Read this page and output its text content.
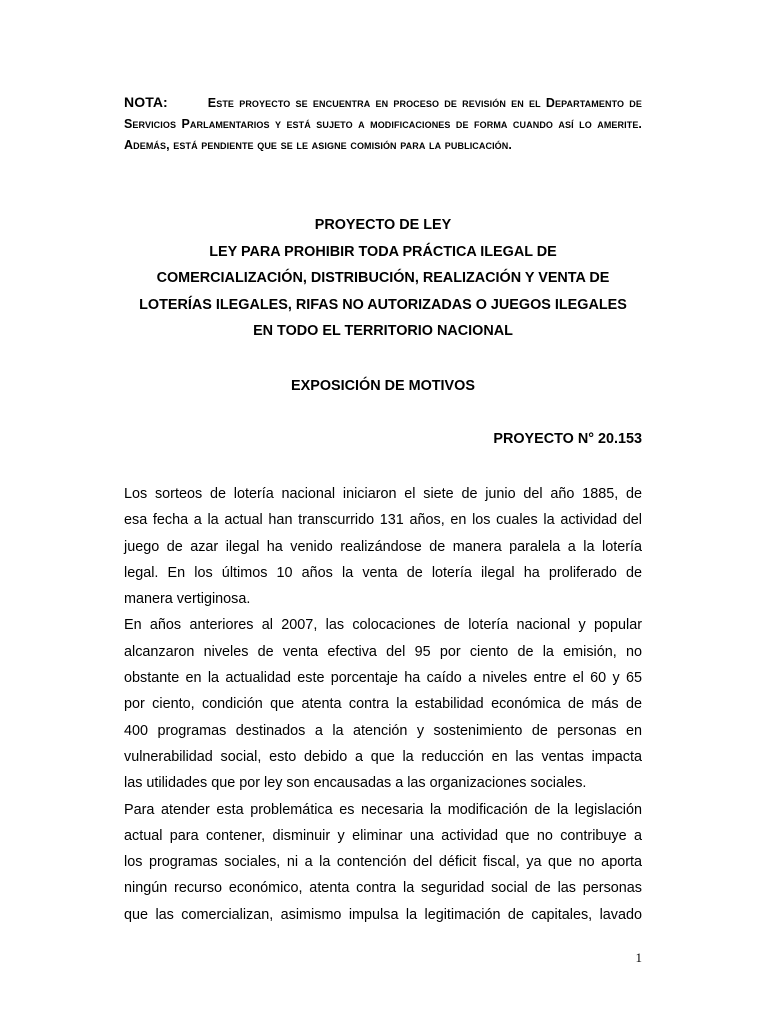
NOTA:	Este proyecto se encuentra en proceso de revisión en el Departamento de Servicios Parlamentarios y está sujeto a modificaciones de forma cuando así lo amerite. Además, está pendiente que se le asigne comisión para la publicación.
PROYECTO DE LEY
LEY PARA PROHIBIR TODA PRÁCTICA ILEGAL DE
COMERCIALIZACIÓN, DISTRIBUCIÓN, REALIZACIÓN Y VENTA DE
LOTERÍAS ILEGALES, RIFAS NO AUTORIZADAS O JUEGOS ILEGALES
EN TODO EL TERRITORIO NACIONAL
EXPOSICIÓN DE MOTIVOS
PROYECTO N° 20.153
Los sorteos de lotería nacional iniciaron el siete de junio del año 1885, de
esa fecha a la actual han transcurrido 131 años, en los cuales la actividad del
juego de azar ilegal ha venido realizándose de manera paralela a la lotería
legal. En los últimos 10 años la venta de lotería ilegal ha proliferado de
manera vertiginosa.
En años anteriores al 2007, las colocaciones de lotería nacional y popular
alcanzaron niveles de venta efectiva del 95 por ciento de la emisión, no
obstante en la actualidad este porcentaje ha caído a niveles entre el 60 y 65
por ciento, condición que atenta contra la estabilidad económica de más de
400 programas destinados a la atención y sostenimiento de personas en
vulnerabilidad social, esto debido a que la reducción en las ventas impacta
las utilidades que por ley son encausadas a las organizaciones sociales.
Para atender esta problemática es necesaria la modificación de la legislación
actual para contener, disminuir y eliminar una actividad que no contribuye a
los programas sociales, ni a la contención del déficit fiscal, ya que no aporta
ningún recurso económico, atenta contra la seguridad social de las personas
que las comercializan, asimismo impulsa la legitimación de capitales, lavado
1
